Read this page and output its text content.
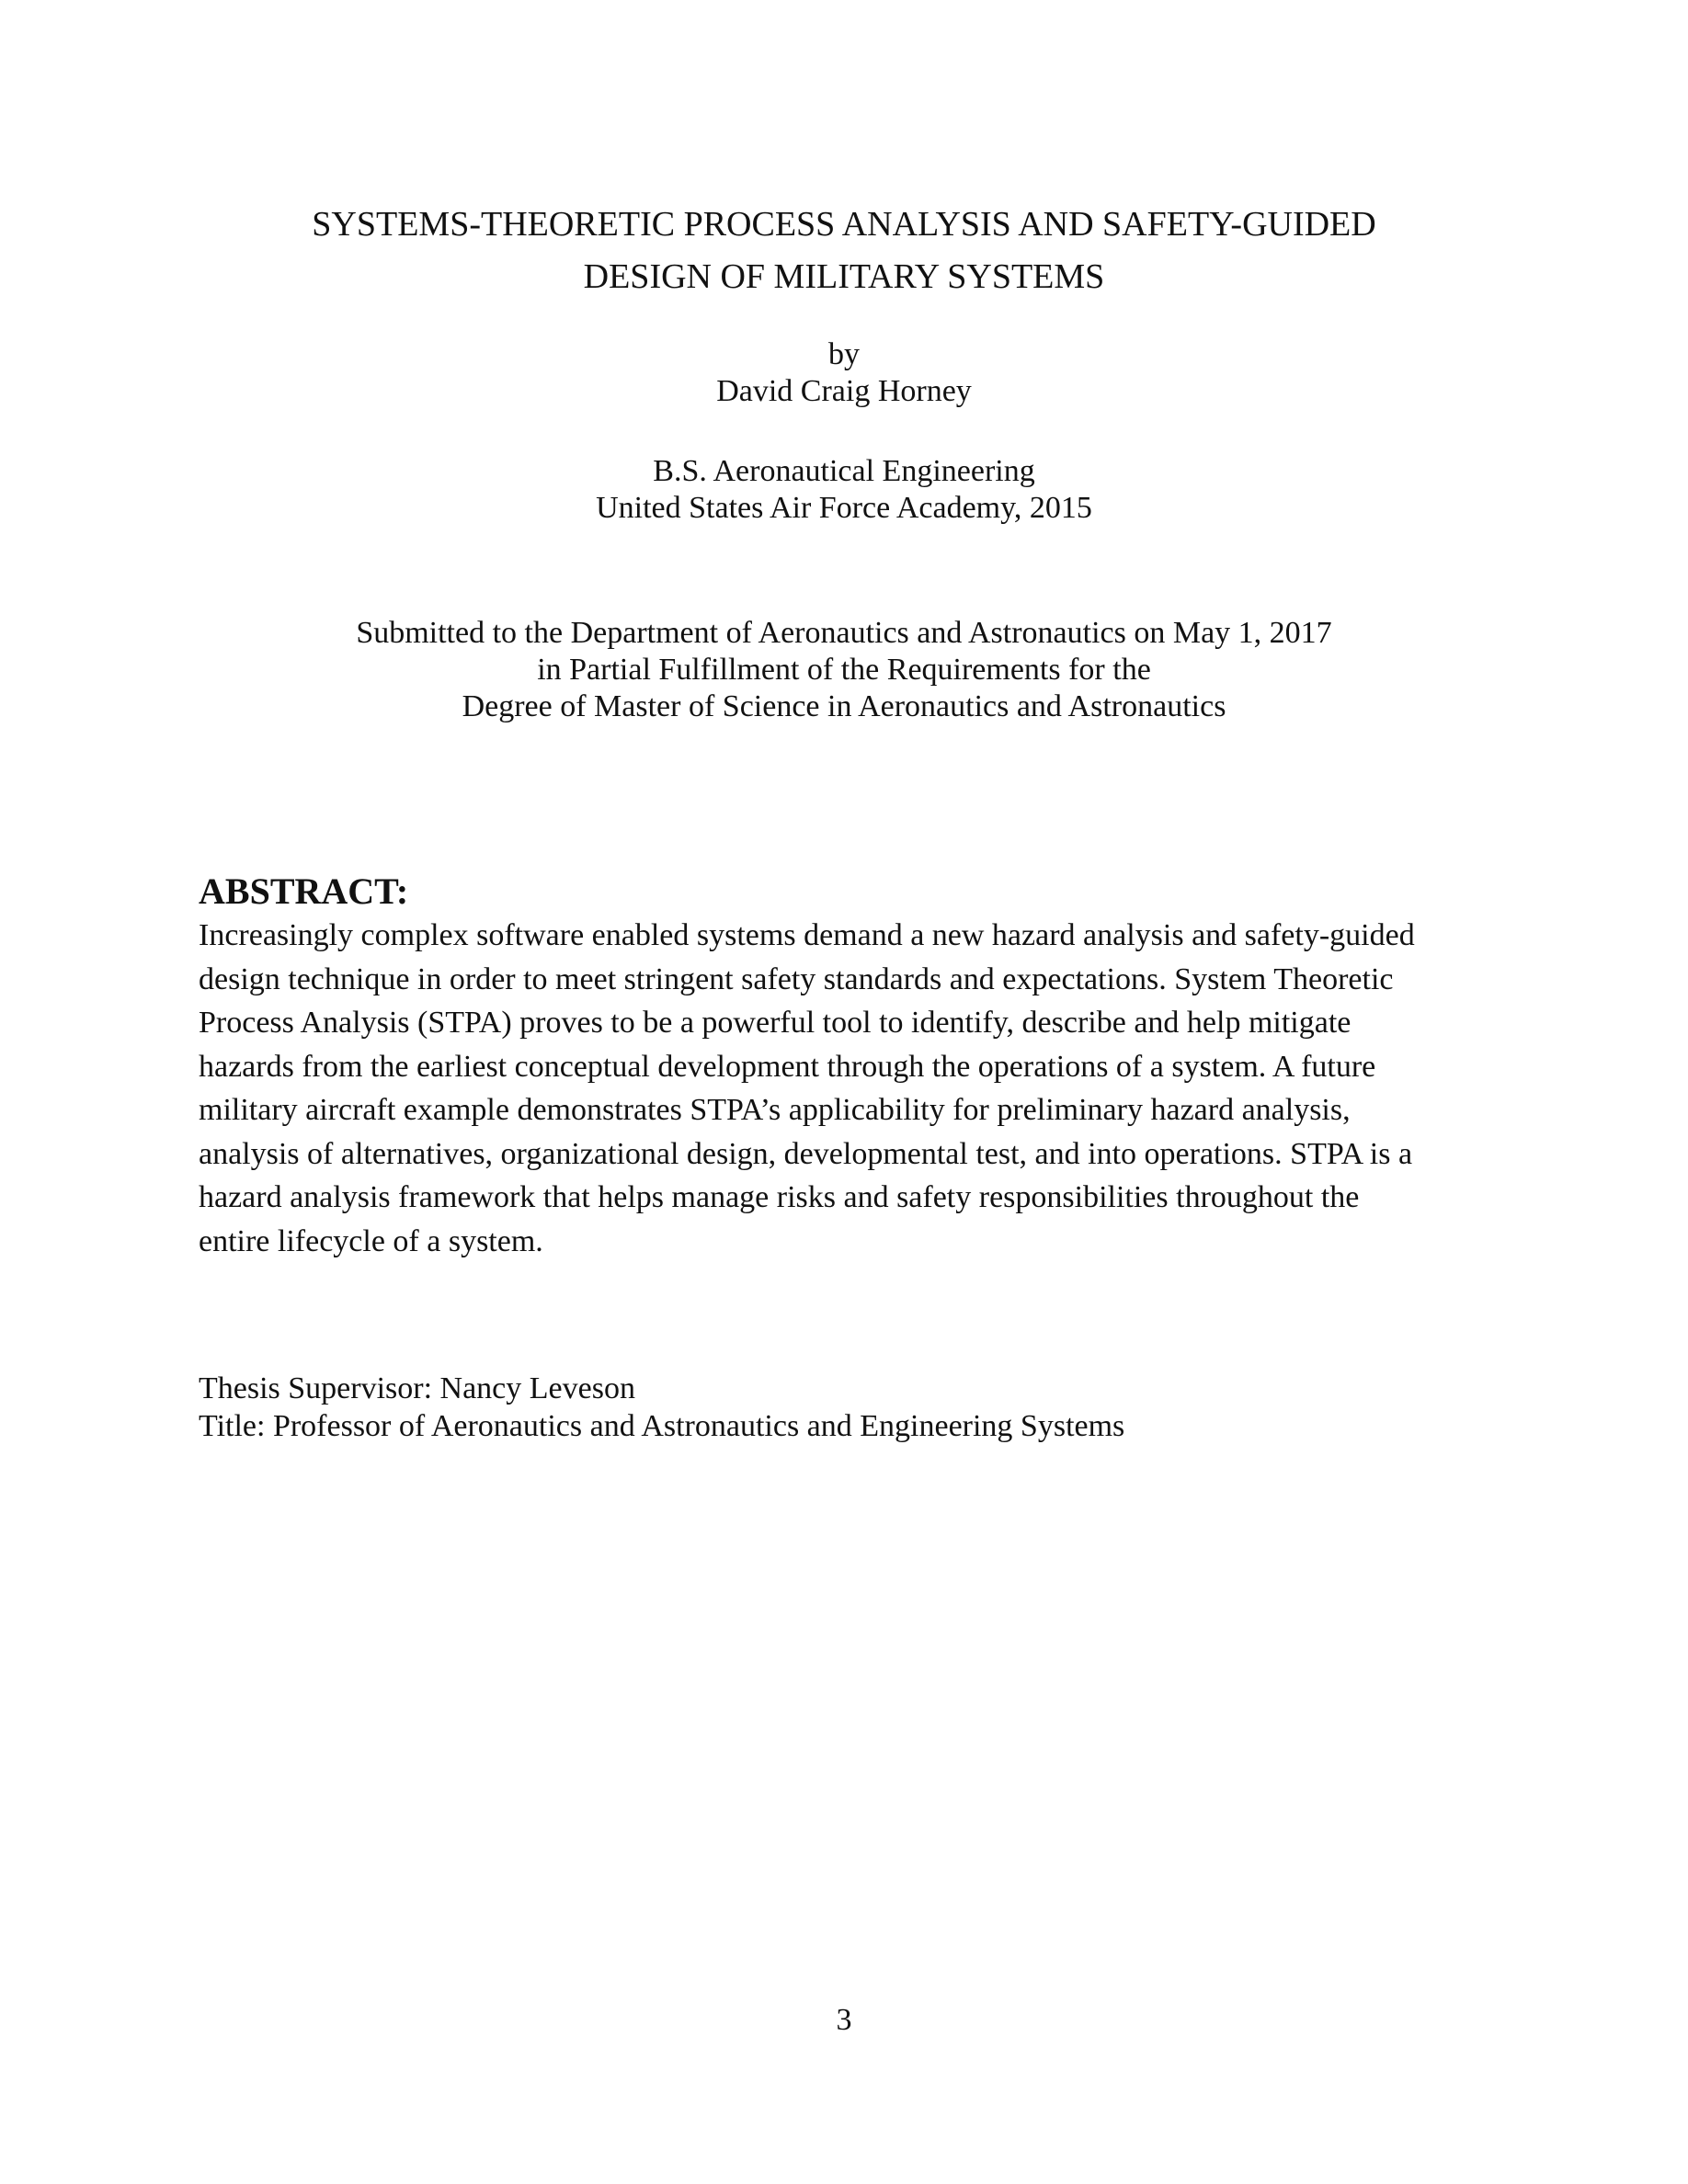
SYSTEMS-THEORETIC PROCESS ANALYSIS AND SAFETY-GUIDED
DESIGN OF MILITARY SYSTEMS
by
David Craig Horney
B.S. Aeronautical Engineering
United States Air Force Academy, 2015
Submitted to the Department of Aeronautics and Astronautics on May 1, 2017
in Partial Fulfillment of the Requirements for the
Degree of Master of Science in Aeronautics and Astronautics
ABSTRACT:

Increasingly complex software enabled systems demand a new hazard analysis and safety-guided
design technique in order to meet stringent safety standards and expectations. System Theoretic
Process Analysis (STPA) proves to be a powerful tool to identify, describe and help mitigate
hazards from the earliest conceptual development through the operations of a system. A future
military aircraft example demonstrates STPA’s applicability for preliminary hazard analysis,
analysis of alternatives, organizational design, developmental test, and into operations. STPA is a
hazard analysis framework that helps manage risks and safety responsibilities throughout the
entire lifecycle of a system.

Thesis Supervisor: Nancy Leveson
Title: Professor of Aeronautics and Astronautics and Engineering Systems
3
